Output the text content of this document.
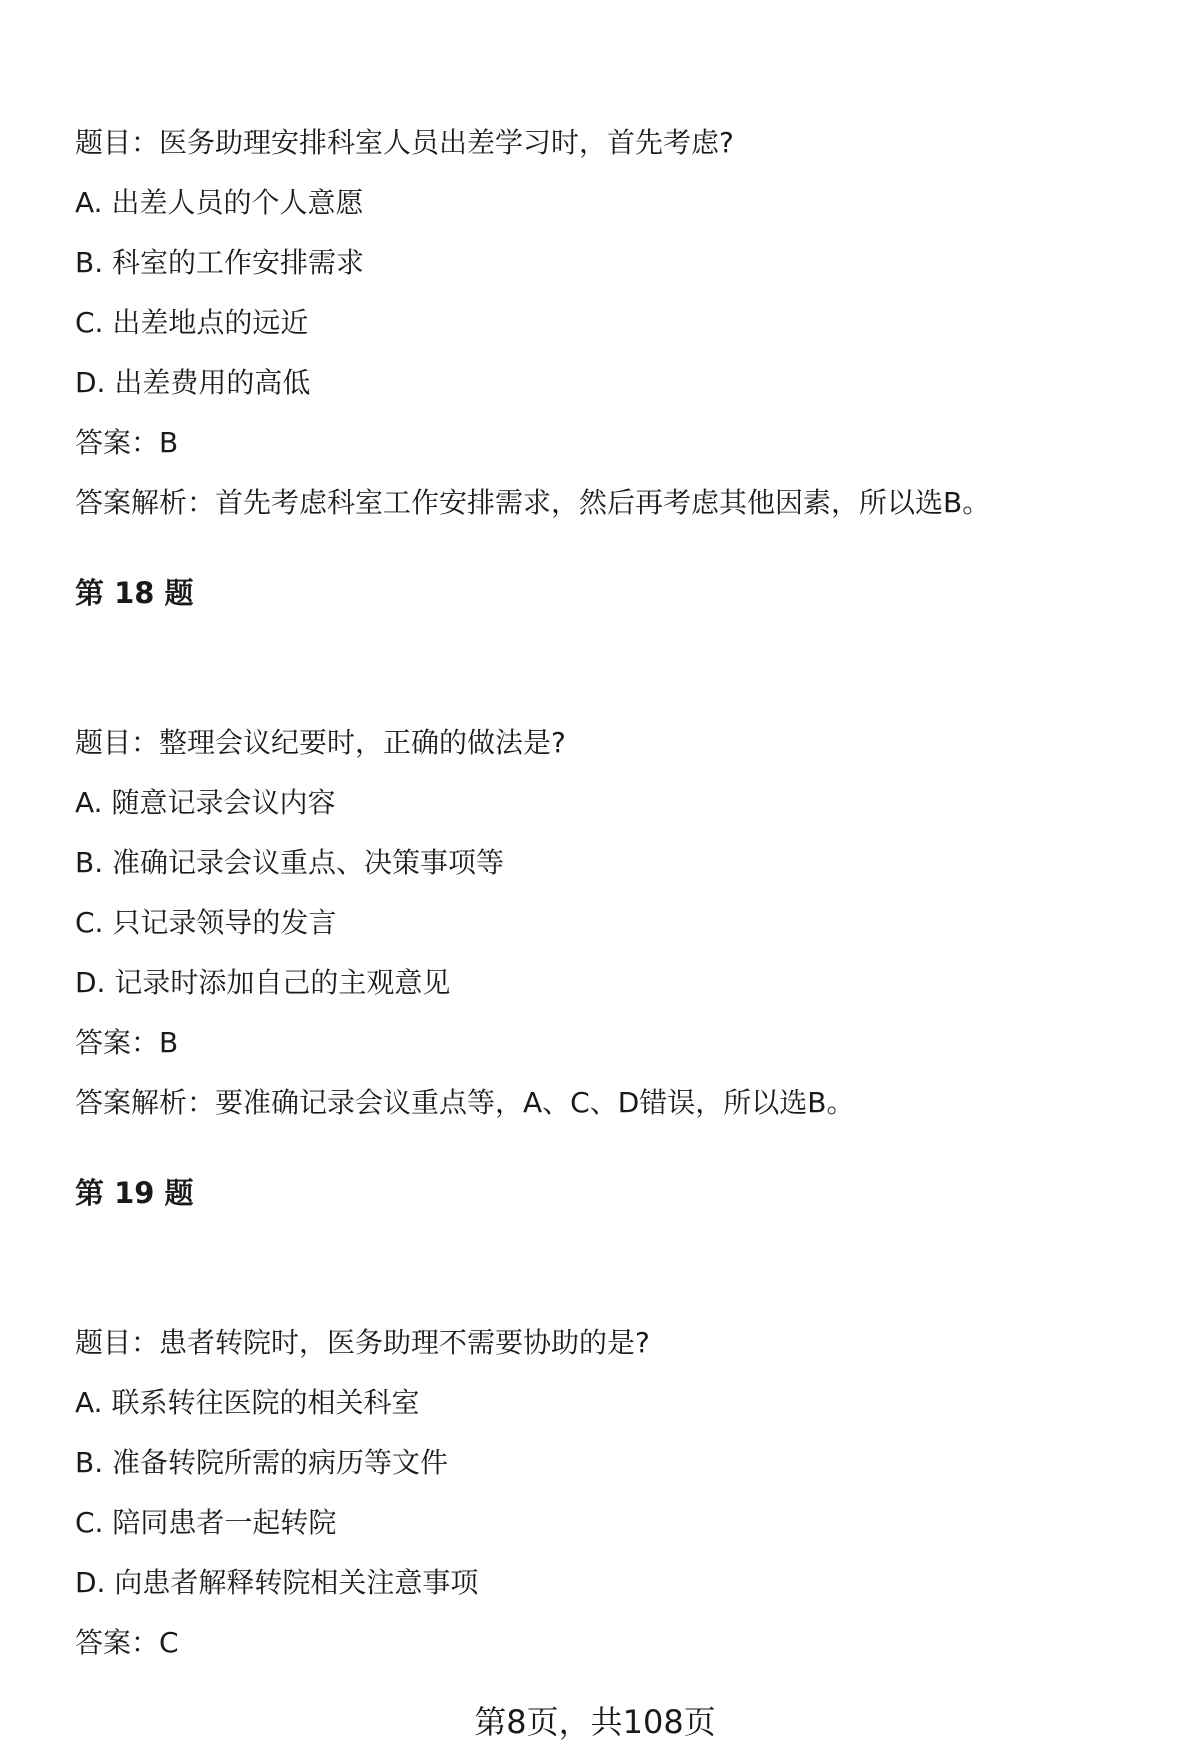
题目：医务助理安排科室人员出差学习时，首先考虑?
A. 出差人员的个人意愿
B. 科室的工作安排需求
C. 出差地点的远近
D. 出差费用的高低
答案：B
答案解析：首先考虑科室工作安排需求，然后再考虑其他因素，所以选B。
第 18 题
题目：整理会议纪要时，正确的做法是?
A. 随意记录会议内容
B. 准确记录会议重点、决策事项等
C. 只记录领导的发言
D. 记录时添加自己的主观意见
答案：B
答案解析：要准确记录会议重点等，A、C、D错误，所以选B。
第 19 题
题目：患者转院时，医务助理不需要协助的是?
A. 联系转往医院的相关科室
B. 准备转院所需的病历等文件
C. 陪同患者一起转院
D. 向患者解释转院相关注意事项
答案：C
第8页，共108页
